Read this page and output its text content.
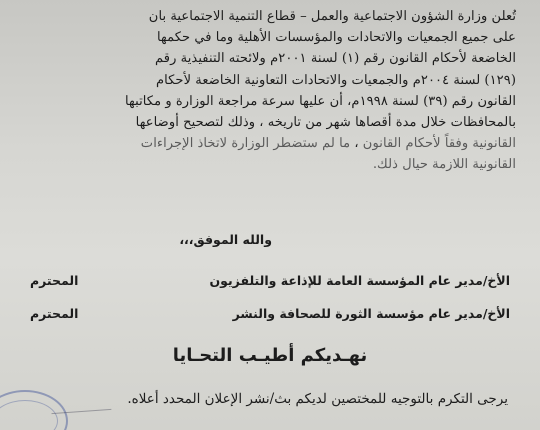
تُعلن وزارة الشؤون الاجتماعية والعمل – قطاع التنمية الاجتماعية بان
على جميع الجمعيات والاتحادات والمؤسسات الأهلية وما في حكمها
الخاضعة لأحكام القانون رقم (١) لسنة ٢٠٠١م ولائحته التنفيذية رقم
(١٢٩) لسنة ٢٠٠٤م والجمعيات والاتحادات التعاونية الخاضعة لأحكام
القانون رقم (٣٩) لسنة ١٩٩٨م، أن عليها سرعة مراجعة الوزارة و مكاتبها
بالمحافظات خلال مدة أقصاها شهر من تاريخه ، وذلك لتصحيح أوضاعها
القانونية وفقاً لأحكام القانون ، ما لم ستضطر الوزارة لاتخاذ الإجراءات
القانونية اللازمة حيال ذلك.

والله الموفق،،،
الأخ/مدير عام المؤسسة العامة للإذاعة والتلفزيون
المحترم
الأخ/مدير عام مؤسسة الثورة للصحافة والنشر
المحترم
نهـديكم أطيـب التحـايا
يرجى التكرم بالتوجيه للمختصين لديكم بث/نشر الإعلان المحدد أعلاه.
